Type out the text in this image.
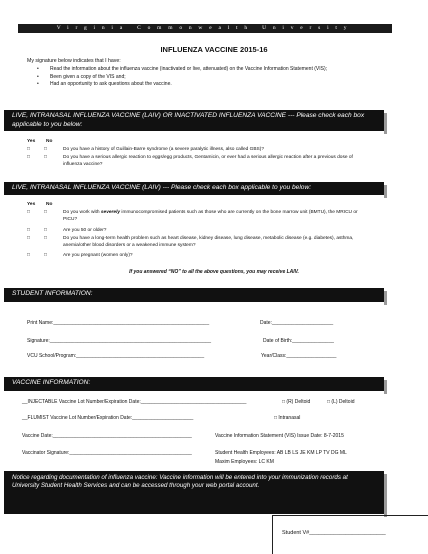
Virginia Commonwealth University
INFLUENZA VACCINE 2015-16
My signature below indicates that I have:
• Read the information about the influenza vaccine (inactivated or live, attenuated) on the Vaccine Information Statement (VIS);
• Been given a copy of the VIS and;
• Had an opportunity to ask questions about the vaccine.
LIVE, INTRANASAL INFLUENZA VACCINE (LAIV) OR INACTIVATED INFLUENZA VACCINE --- Please check each box applicable to you below:
Yes No
□	□	Do you have a history of Guillain-Barre syndrome (a severe paralytic illness, also called GBS)?
□	□	Do you have a serious allergic reaction to eggs/egg products, Gentamicin, or ever had a serious allergic reaction after a previous dose of influenza vaccine?
LIVE, INTRANASAL INFLUENZA VACCINE (LAIV) --- Please check each box applicable to you below:
Yes No
□	□	Do you work with severely immunocompromised patients such as those who are currently on the bone marrow unit (BMTU), the MRICU or PICU?
□	□	Are you 50 or older?
□	□	Do you have a long-term health problem such as heart disease, kidney disease, lung disease, metabolic disease (e.g. diabetes), asthma, anemia/other blood disorders or a weakened immune system?
□	□	Are you pregnant (women only)?
If you answered “NO” to all the above questions, you may receive LAIV.
STUDENT INFORMATION:
Print Name:________________________________________________________	Date:______________________
Signature:__________________________________________________________	Date of Birth:_______________
VCU School/Program:______________________________________________	Year/Class:__________________
VACCINE INFORMATION:
__INJECTABLE Vaccine Lot Number/Expiration Date:______________________________________	□ (R) Deltoid	□ (L) Deltoid
__FLUMIST Vaccine Lot Number/Expiration Date:______________________	□ Intranasal
Vaccine Date:__________________________________________________	Vaccine Information Statement (VIS) Issue Date: 8-7-2015
Vaccinator Signature:____________________________________________	Student Health Employees: AB LB LS JE KM LP TV DG ML
Maxim Employees: LC KM
Notice regarding documentation of influenza vaccine: Vaccine information will be entered into your immunization records at University Student Health Services and can be accessed through your web portal account.
Student V#_________________________
